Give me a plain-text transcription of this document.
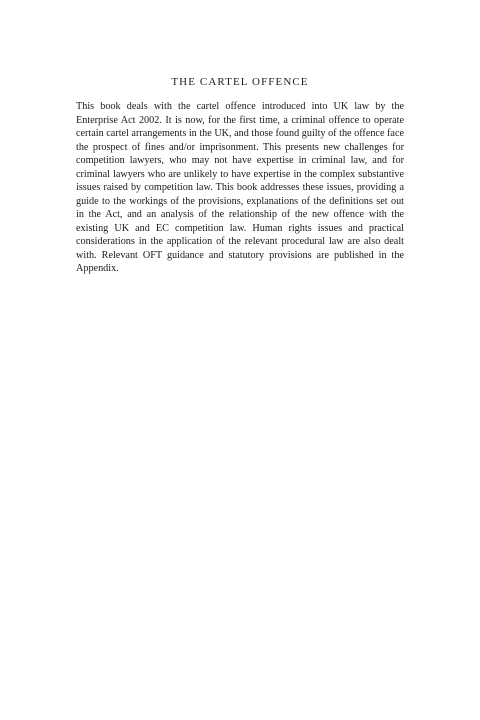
THE CARTEL OFFENCE

This book deals with the cartel offence introduced into UK law by the Enterprise Act 2002. It is now, for the first time, a criminal offence to operate certain cartel arrangements in the UK, and those found guilty of the offence face the prospect of fines and/or imprisonment. This presents new challenges for competition lawyers, who may not have expertise in criminal law, and for criminal lawyers who are unlikely to have expertise in the complex substantive issues raised by competition law. This book addresses these issues, providing a guide to the workings of the provisions, explanations of the definitions set out in the Act, and an analysis of the relationship of the new offence with the existing UK and EC competition law. Human rights issues and practical considerations in the application of the relevant procedural law are also dealt with. Relevant OFT guidance and statutory provisions are published in the Appendix.
